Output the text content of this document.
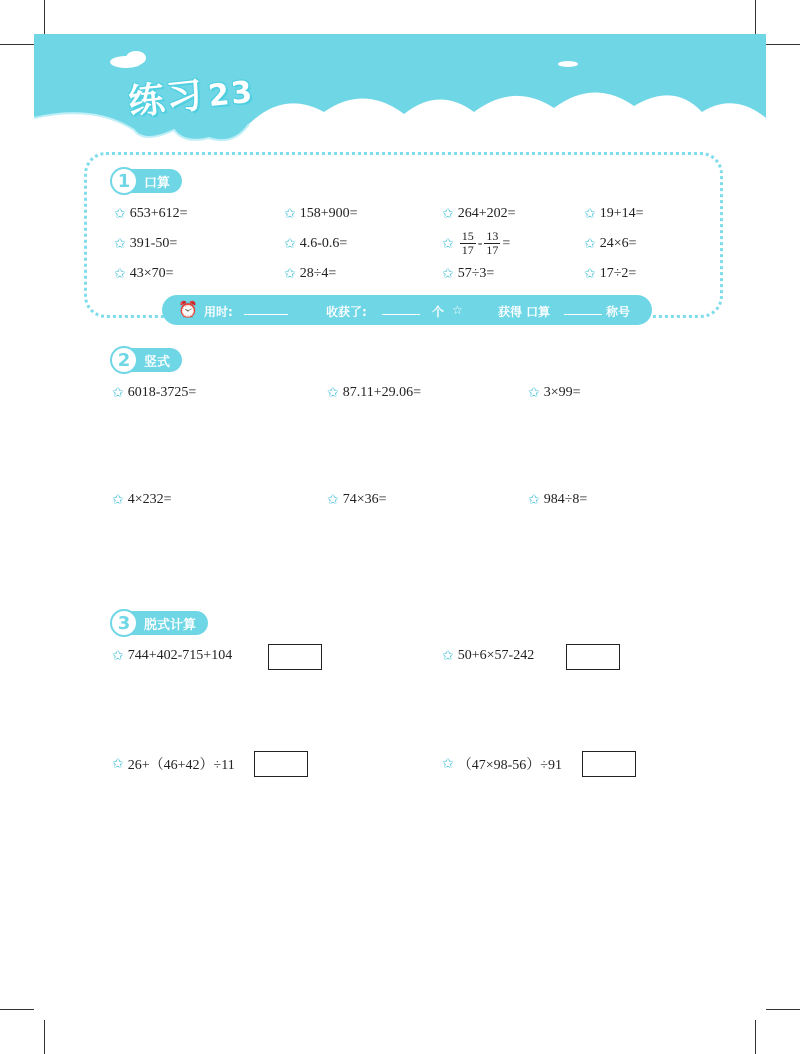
练习23
1	口算
✩ 653+612=	✩ 158+900=	✩ 264+202=	✩ 19+14=
✩ 391-50=	✩ 4.6-0.6=	✩ $\frac{15}{17} - \frac{13}{17}$ =	✩ 24×6=
✩ 43×70=	✩ 28÷4=	✩ 57÷3=	✩ 17÷2=
⏰ 用时:	收获了:	个 ☆	获得 口算	称号
2	竖式
✩ 6018-3725=	✩ 87.11+29.06=	✩ 3×99=
✩ 4×232=	✩ 74×36=	✩ 984÷8=
3	脱式计算
✩ 744+402-715+104	✩ 50+6×57-242
✩ 26+（46+42）÷11	✩ （47×98-56）÷91
